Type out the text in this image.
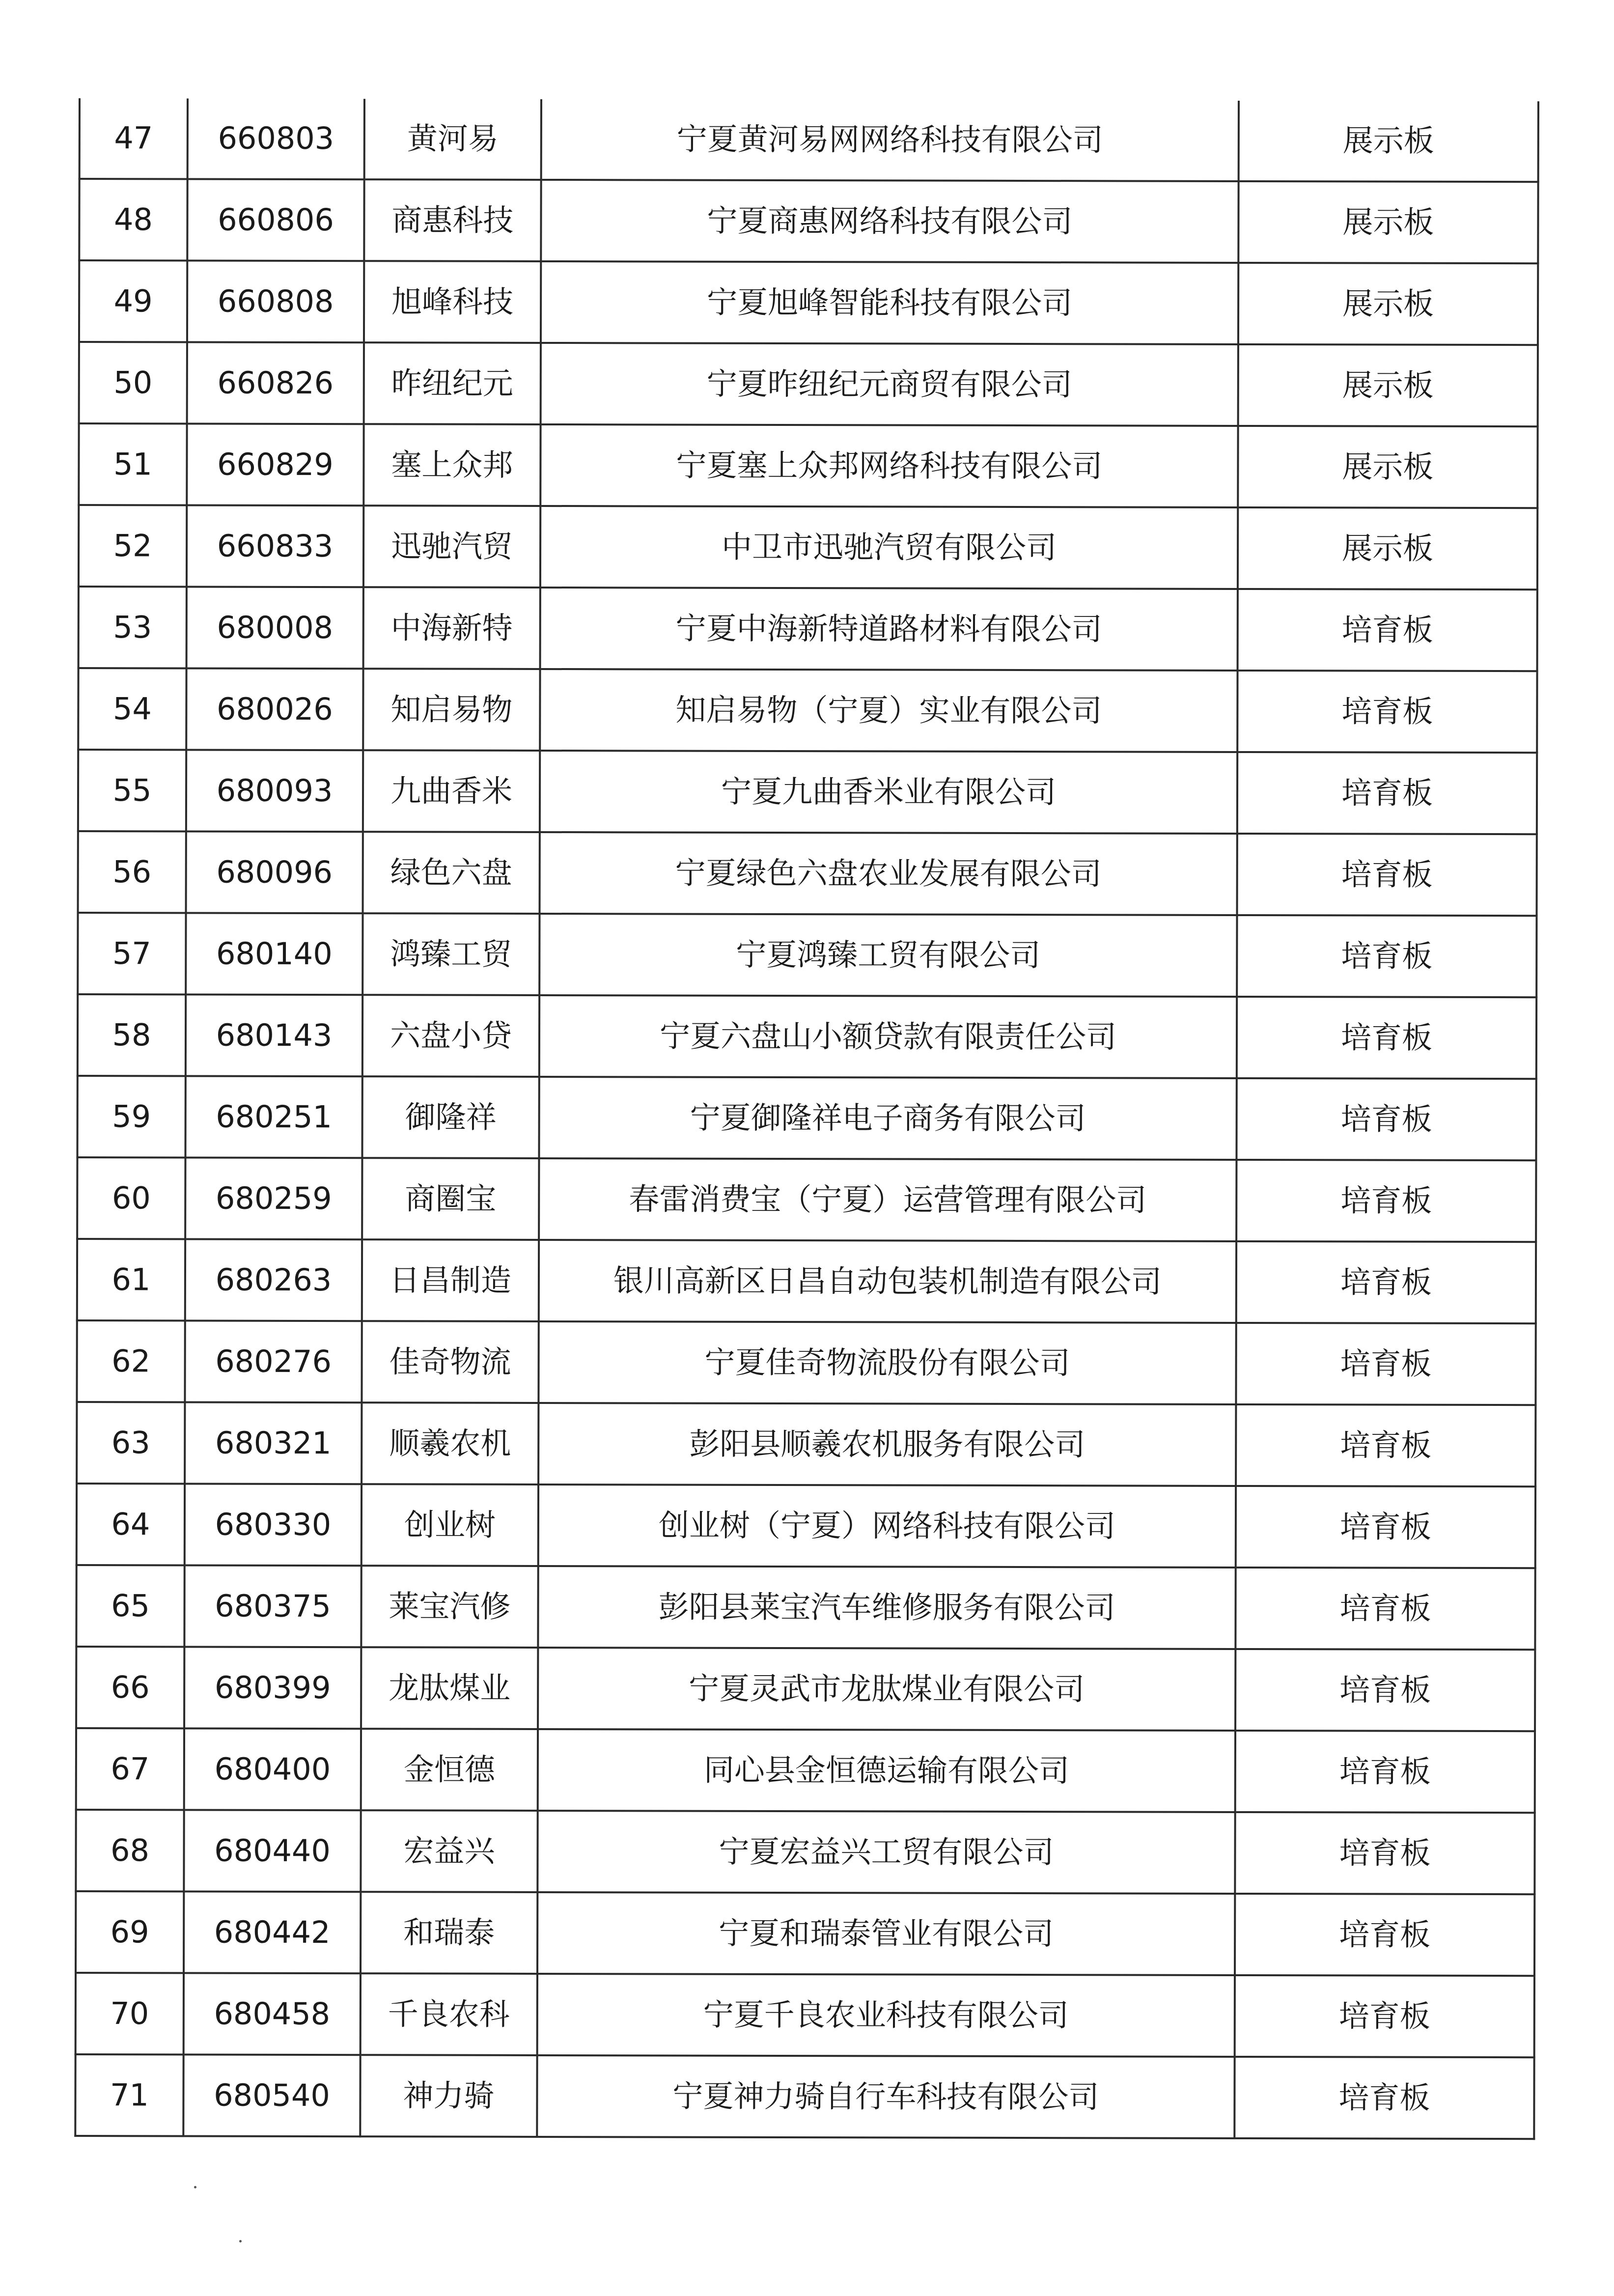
47	660803	黄河易	宁夏黄河易网网络科技有限公司	展示板
48	660806	商惠科技	宁夏商惠网络科技有限公司	展示板
49	660808	旭峰科技	宁夏旭峰智能科技有限公司	展示板
50	660826	昨纽纪元	宁夏昨纽纪元商贸有限公司	展示板
51	660829	塞上众邦	宁夏塞上众邦网络科技有限公司	展示板
52	660833	迅驰汽贸	中卫市迅驰汽贸有限公司	展示板
53	680008	中海新特	宁夏中海新特道路材料有限公司	培育板
54	680026	知启易物	知启易物（宁夏）实业有限公司	培育板
55	680093	九曲香米	宁夏九曲香米业有限公司	培育板
56	680096	绿色六盘	宁夏绿色六盘农业发展有限公司	培育板
57	680140	鸿臻工贸	宁夏鸿臻工贸有限公司	培育板
58	680143	六盘小贷	宁夏六盘山小额贷款有限责任公司	培育板
59	680251	御隆祥	宁夏御隆祥电子商务有限公司	培育板
60	680259	商圈宝	春雷消费宝（宁夏）运营管理有限公司	培育板
61	680263	日昌制造	银川高新区日昌自动包装机制造有限公司	培育板
62	680276	佳奇物流	宁夏佳奇物流股份有限公司	培育板
63	680321	顺羲农机	彭阳县顺羲农机服务有限公司	培育板
64	680330	创业树	创业树（宁夏）网络科技有限公司	培育板
65	680375	莱宝汽修	彭阳县莱宝汽车维修服务有限公司	培育板
66	680399	龙肽煤业	宁夏灵武市龙肽煤业有限公司	培育板
67	680400	金恒德	同心县金恒德运输有限公司	培育板
68	680440	宏益兴	宁夏宏益兴工贸有限公司	培育板
69	680442	和瑞泰	宁夏和瑞泰管业有限公司	培育板
70	680458	千良农科	宁夏千良农业科技有限公司	培育板
71	680540	神力骑	宁夏神力骑自行车科技有限公司	培育板
